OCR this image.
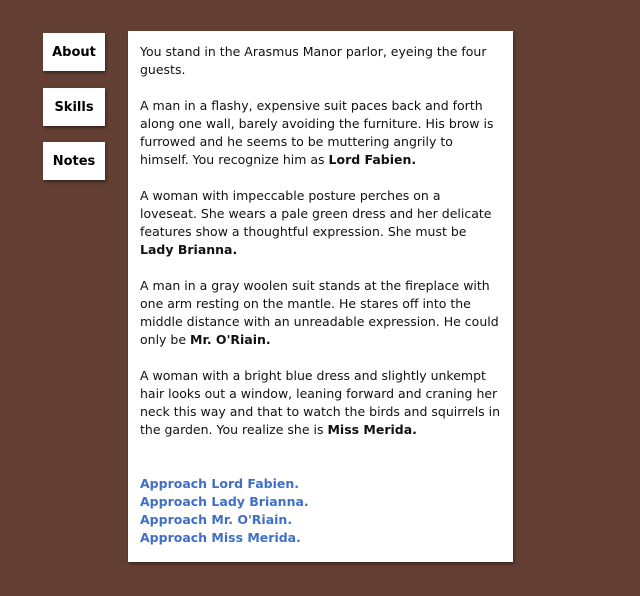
About
Skills
Notes

You stand in the Arasmus Manor parlor, eyeing the four guests.

A man in a flashy, expensive suit paces back and forth along one wall, barely avoiding the furniture. His brow is furrowed and he seems to be muttering angrily to himself. You recognize him as Lord Fabien.

A woman with impeccable posture perches on a loveseat. She wears a pale green dress and her delicate features show a thoughtful expression. She must be Lady Brianna.

A man in a gray woolen suit stands at the fireplace with one arm resting on the mantle. He stares off into the middle distance with an unreadable expression. He could only be Mr. O'Riain.

A woman with a bright blue dress and slightly unkempt hair looks out a window, leaning forward and craning her neck this way and that to watch the birds and squirrels in the garden. You realize she is Miss Merida.

Approach Lord Fabien.
Approach Lady Brianna.
Approach Mr. O'Riain.
Approach Miss Merida.
